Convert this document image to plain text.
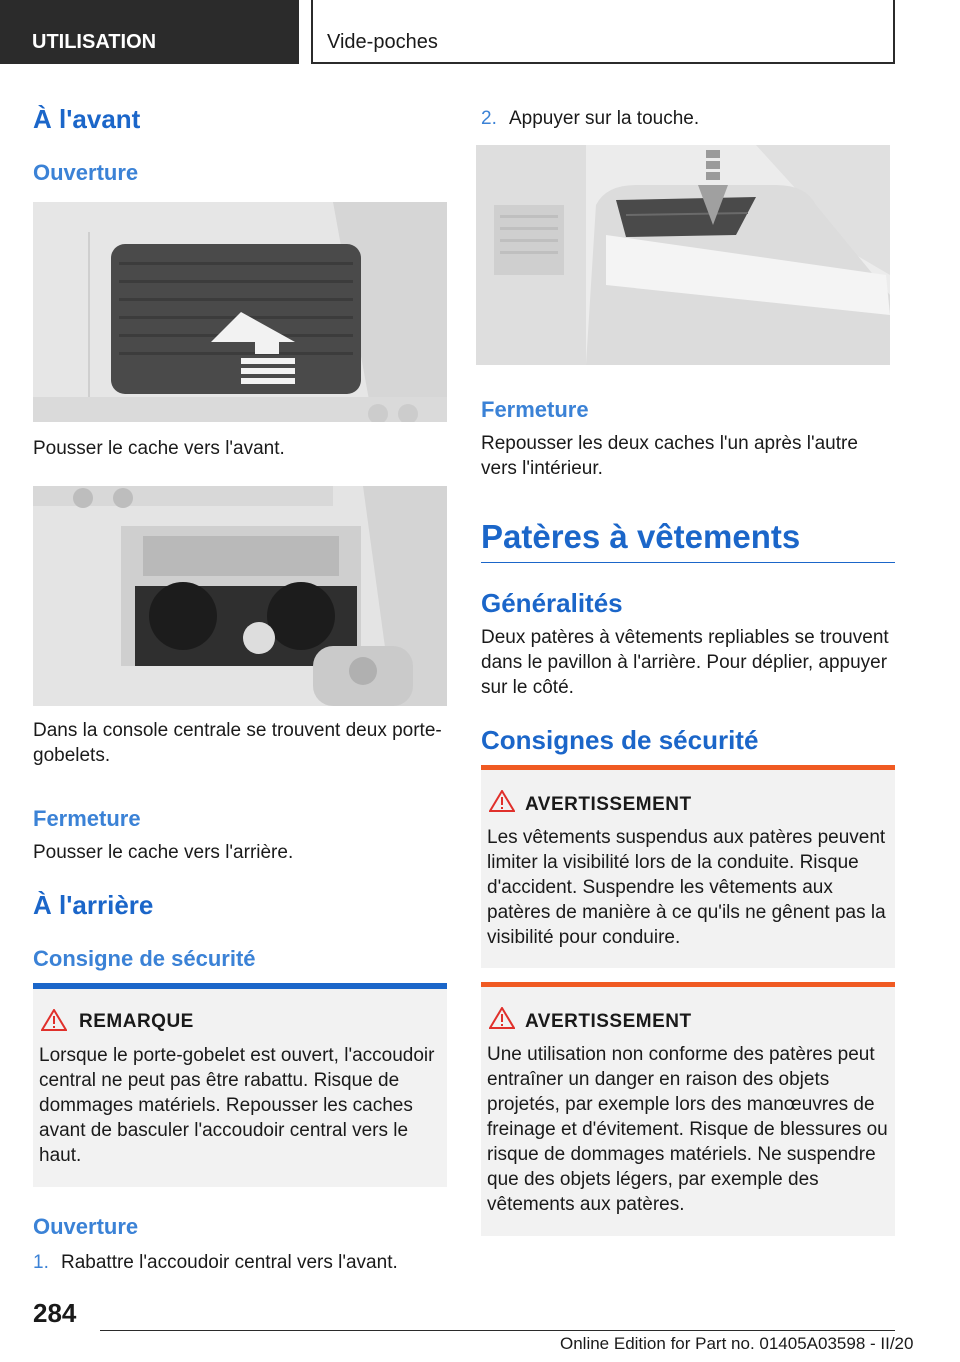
UTILISATION	Vide-poches
À l'avant
Ouverture
Pousser le cache vers l'avant.
Dans la console centrale se trouvent deux porte-gobelets.
Fermeture
Pousser le cache vers l'arrière.
À l'arrière
Consigne de sécurité
REMARQUE
Lorsque le porte-gobelet est ouvert, l'accoudoir central ne peut pas être rabattu. Risque de dommages matériels. Repousser les caches avant de basculer l'accoudoir central vers le haut.
Ouverture
1. Rabattre l'accoudoir central vers l'avant.
2. Appuyer sur la touche.
Fermeture
Repousser les deux caches l'un après l'autre vers l'intérieur.
Patères à vêtements
Généralités
Deux patères à vêtements repliables se trouvent dans le pavillon à l'arrière. Pour déplier, appuyer sur le côté.
Consignes de sécurité
AVERTISSEMENT
Les vêtements suspendus aux patères peuvent limiter la visibilité lors de la conduite. Risque d'accident. Suspendre les vêtements aux patères de manière à ce qu'ils ne gênent pas la visibilité pour conduire.
AVERTISSEMENT
Une utilisation non conforme des patères peut entraîner un danger en raison des objets projetés, par exemple lors des manœuvres de freinage et d'évitement. Risque de blessures ou risque de dommages matériels. Ne suspendre que des objets légers, par exemple des vêtements aux patères.
284
Online Edition for Part no. 01405A03598 - II/20
